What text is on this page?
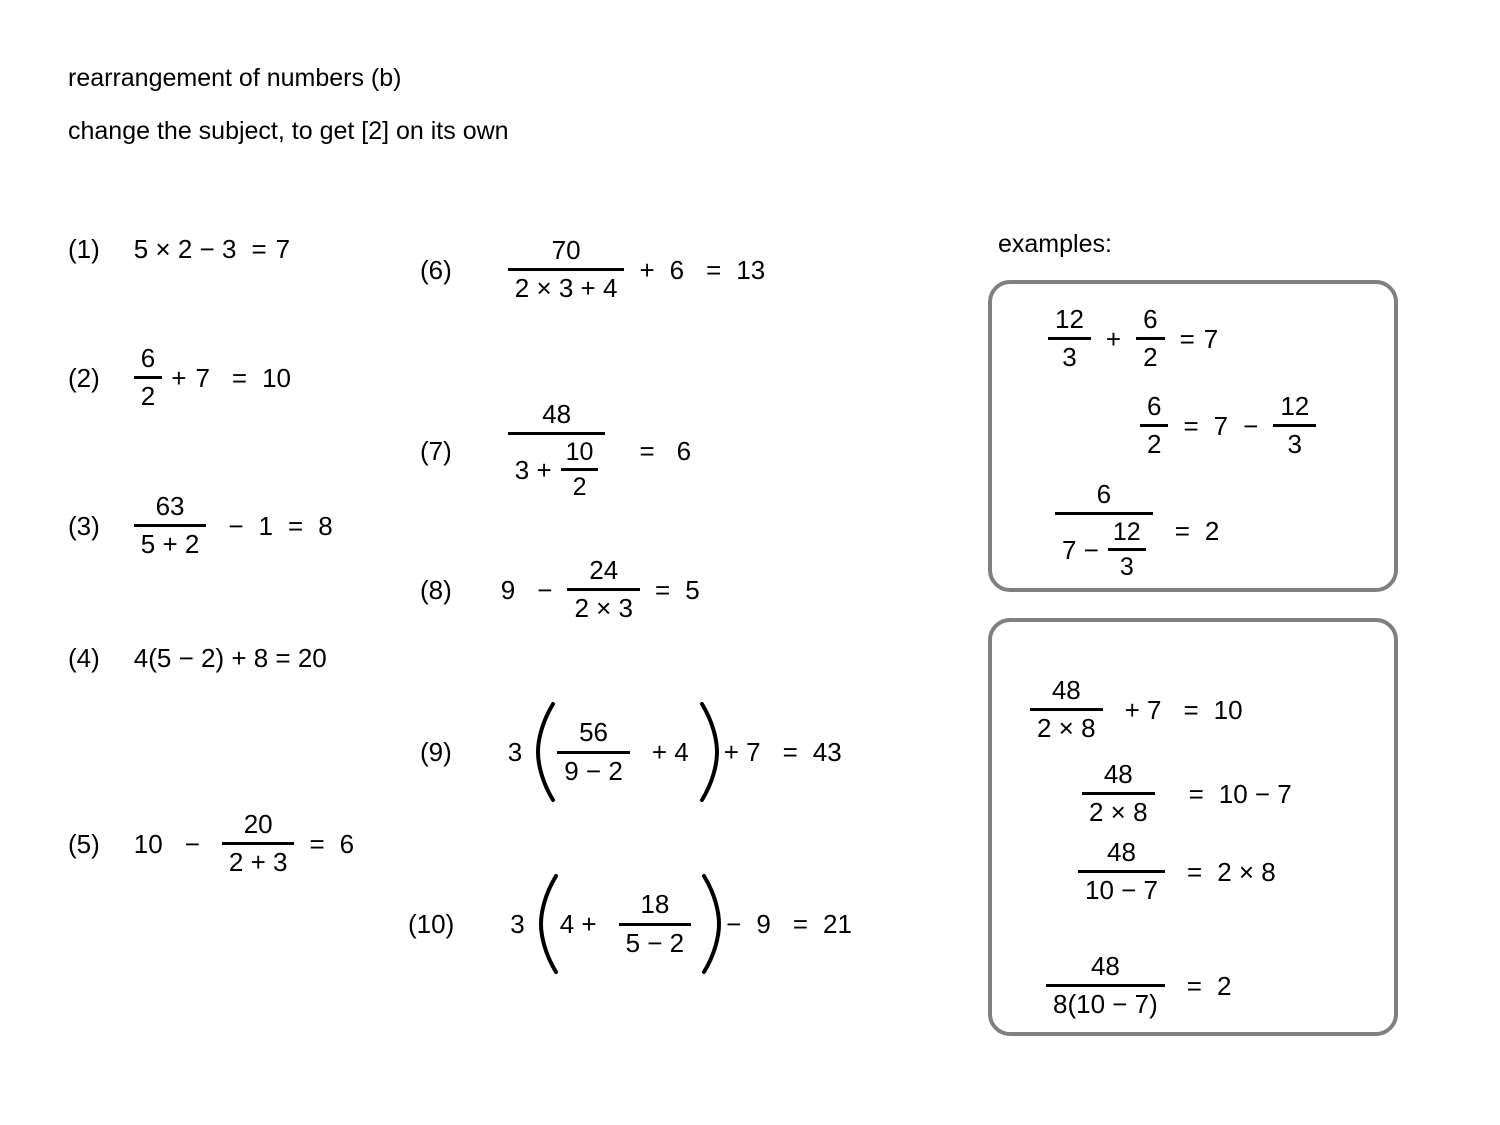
rearrangement of numbers (b)
change the subject, to get [2] on its own
examples:
(1) 5 × 2 − 3 = 7
$(2) \frac{6}{2} + 7 = 10$
$(3) \frac{63}{5 + 2} - 1 = 8$
(4) 4(5 − 2) + 8 = 20
(5) $10 - \frac{20}{2 + 3} = 6$
$(6) \frac{70}{2 \times 3 + 4} + 6 = 13$
(7)
48
$3 + \frac{10}{2} = 6$
(8) $9 - \frac{24}{2 \times 3} = 5$
(9) $3 \frac{56}{9 - 2} + 4 + 7 = 43$
(10) 3 $4 + \frac{18}{5 - 2} - 9 = 21$
$\frac{12}{3} + \frac{6}{2} = 7$
$\frac{6}{2} = 7 - \frac{12}{3}$
6
$7 - \frac{12}{3} = 2$
$\frac{48}{2 \times 8} + 7 = 10$
$\frac{48}{2 \times 8} = 10 - 7$
$\frac{48}{10 - 7} = 2 \times 8$
$\frac{48}{8(10 - 7)} = 2$
